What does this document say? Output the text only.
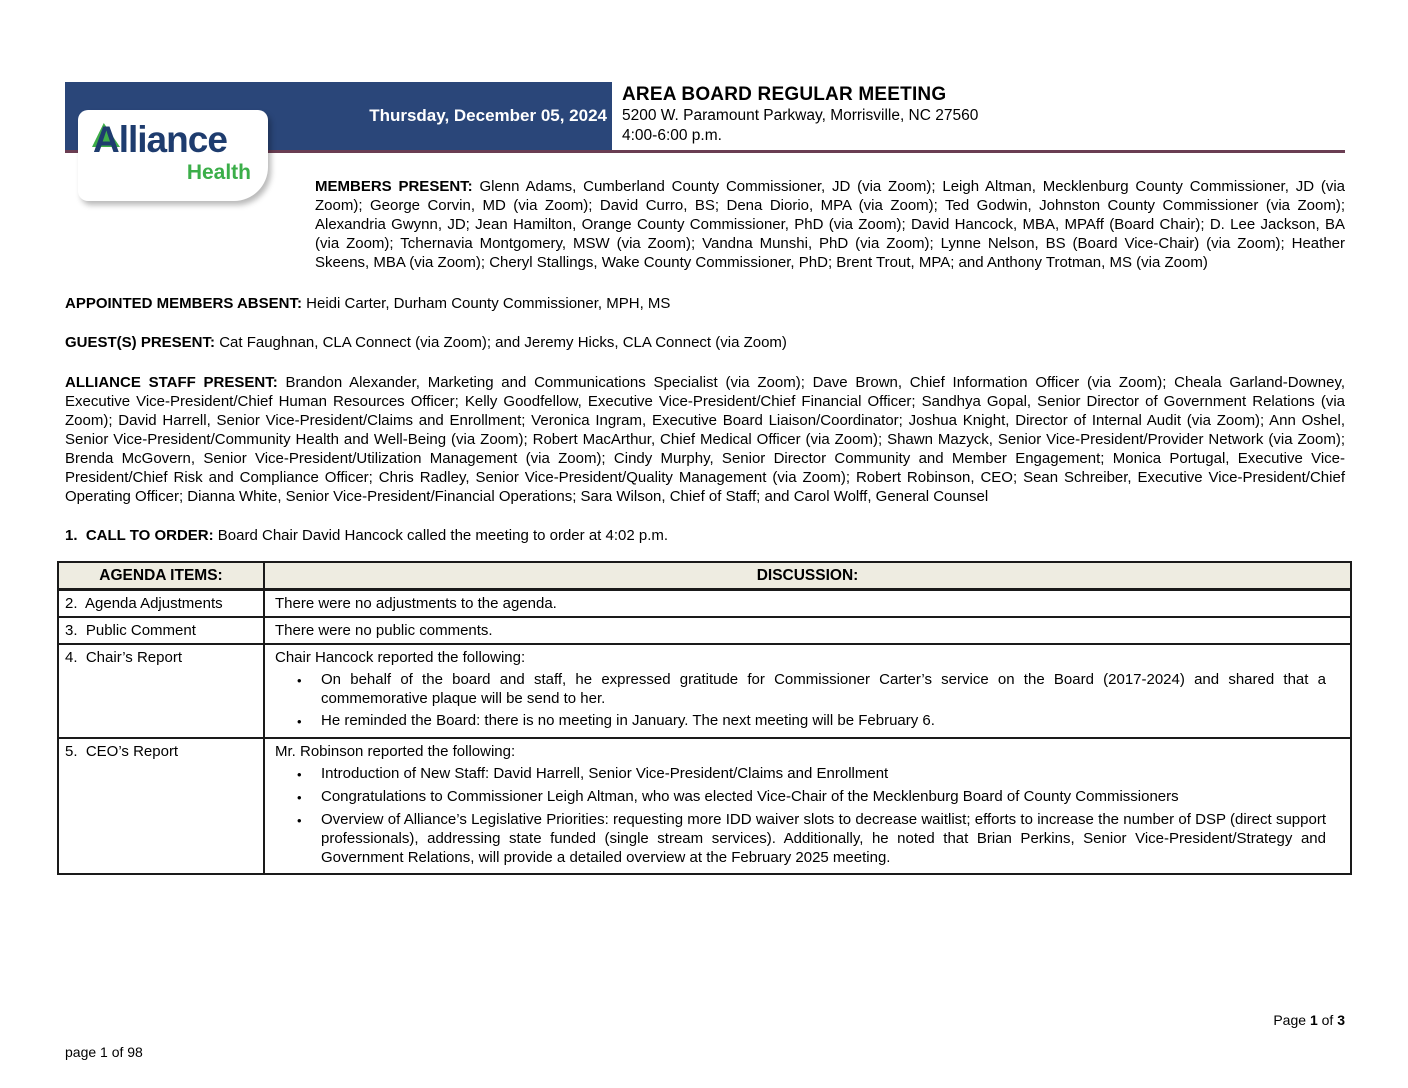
Thursday, December 05, 2024
AREA BOARD REGULAR MEETING
5200 W. Paramount Parkway, Morrisville, NC 27560
4:00-6:00 p.m.
Alliance
Health

MEMBERS PRESENT: Glenn Adams, Cumberland County Commissioner, JD (via Zoom); Leigh Altman, Mecklenburg County Commissioner, JD (via Zoom); George Corvin, MD (via Zoom); David Curro, BS; Dena Diorio, MPA (via Zoom); Ted Godwin, Johnston County Commissioner (via Zoom); Alexandria Gwynn, JD; Jean Hamilton, Orange County Commissioner, PhD (via Zoom); David Hancock, MBA, MPAff (Board Chair); D. Lee Jackson, BA (via Zoom); Tchernavia Montgomery, MSW (via Zoom); Vandna Munshi, PhD (via Zoom); Lynne Nelson, BS (Board Vice-Chair) (via Zoom); Heather Skeens, MBA (via Zoom); Cheryl Stallings, Wake County Commissioner, PhD; Brent Trout, MPA; and Anthony Trotman, MS (via Zoom)

APPOINTED MEMBERS ABSENT: Heidi Carter, Durham County Commissioner, MPH, MS

GUEST(S) PRESENT: Cat Faughnan, CLA Connect (via Zoom); and Jeremy Hicks, CLA Connect (via Zoom)

ALLIANCE STAFF PRESENT: Brandon Alexander, Marketing and Communications Specialist (via Zoom); Dave Brown, Chief Information Officer (via Zoom); Cheala Garland-Downey, Executive Vice-President/Chief Human Resources Officer; Kelly Goodfellow, Executive Vice-President/Chief Financial Officer; Sandhya Gopal, Senior Director of Government Relations (via Zoom); David Harrell, Senior Vice-President/Claims and Enrollment; Veronica Ingram, Executive Board Liaison/Coordinator; Joshua Knight, Director of Internal Audit (via Zoom); Ann Oshel, Senior Vice-President/Community Health and Well-Being (via Zoom); Robert MacArthur, Chief Medical Officer (via Zoom); Shawn Mazyck, Senior Vice-President/Provider Network (via Zoom); Brenda McGovern, Senior Vice-President/Utilization Management (via Zoom); Cindy Murphy, Senior Director Community and Member Engagement; Monica Portugal, Executive Vice-President/Chief Risk and Compliance Officer; Chris Radley, Senior Vice-President/Quality Management (via Zoom); Robert Robinson, CEO; Sean Schreiber, Executive Vice-President/Chief Operating Officer; Dianna White, Senior Vice-President/Financial Operations; Sara Wilson, Chief of Staff; and Carol Wolff, General Counsel

1.  CALL TO ORDER: Board Chair David Hancock called the meeting to order at 4:02 p.m.

AGENDA ITEMS:	DISCUSSION:
2.  Agenda Adjustments	There were no adjustments to the agenda.

3.  Public Comment	There were no public comments.

4.  Chair’s Report	Chair Hancock reported the following:
• On behalf of the board and staff, he expressed gratitude for Commissioner Carter’s service on the Board (2017-2024) and shared that a commemorative plaque will be send to her.
• He reminded the Board: there is no meeting in January. The next meeting will be February 6.

5.  CEO’s Report	Mr. Robinson reported the following:
•	Introduction of New Staff: David Harrell, Senior Vice-President/Claims and Enrollment
•	Congratulations to Commissioner Leigh Altman, who was elected Vice-Chair of the Mecklenburg Board of County Commissioners
•	Overview of Alliance’s Legislative Priorities: requesting more IDD waiver slots to decrease waitlist; efforts to increase the number of DSP (direct support professionals), addressing state funded (single stream services). Additionally, he noted that Brian Perkins, Senior Vice-President/Strategy and Government Relations, will provide a detailed overview at the February 2025 meeting.
Page 1 of 3
page 1 of 98
